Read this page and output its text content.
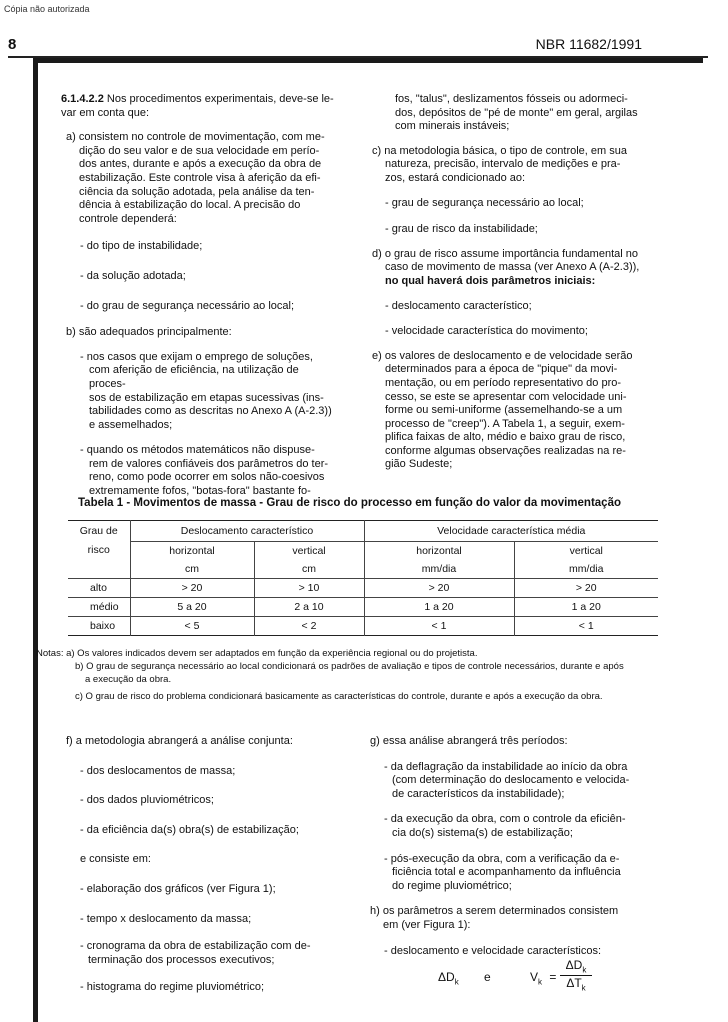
Cópia não autorizada
8	NBR 11682/1991

6.1.4.2.2 Nos procedimentos experimentais, deve-se le-

var em conta que:

a) consistem no controle de movimentação, com me-

dição do seu valor e de sua velocidade em perío-

dos antes, durante e após a execução da obra de

estabilização. Este controle visa à aferição da efi-

ciência da solução adotada, pela análise da ten-

dência à estabilização do local. A precisão do

controle dependerá:

- do tipo de instabilidade;

- da solução adotada;

- do grau de segurança necessário ao local;

b) são adequados principalmente:

- nos casos que exijam o emprego de soluções,

com aferição de eficiência, na utilização de proces-

sos de estabilização em etapas sucessivas (ins-

tabilidades como as descritas no Anexo A (A-2.3))

e assemelhados;

- quando os métodos matemáticos não dispuse-

rem de valores confiáveis dos parâmetros do ter-

reno, como pode ocorrer em solos não-coesivos

extremamente fofos, "botas-fora" bastante fo-

fos, "talus", deslizamentos fósseis ou adormeci-

dos, depósitos de "pé de monte" em geral, argilas

com minerais instáveis;

c) na metodologia básica, o tipo de controle, em sua

natureza, precisão, intervalo de medições e pra-

zos, estará condicionado ao:

- grau de segurança necessário ao local;

- grau de risco da instabilidade;

d) o grau de risco assume importância fundamental no

caso de movimento de massa (ver Anexo A (A-2.3)),

no qual haverá dois parâmetros iniciais:

- deslocamento característico;

- velocidade característica do movimento;

e) os valores de deslocamento e de velocidade serão

determinados para a época de "pique" da movi-

mentação, ou em período representativo do pro-

cesso, se este se apresentar com velocidade uni-

forme ou semi-uniforme (assemelhando-se a um

processo de "creep"). A Tabela 1, a seguir, exem-

plifica faixas de alto, médio e baixo grau de risco,

conforme algumas observações realizadas na re-

gião Sudeste;

Tabela 1 - Movimentos de massa - Grau de risco do processo em função do valor da movimentação
Grau de	Deslocamento característico		Velocidade característica média	
risco	horizontal	vertical	horizontal	vertical
	cm	cm	mm/dia	mm/dia
alto	> 20	> 10	> 20	> 20
médio	5 a 20	2 a 10	1 a 20	1 a 20
baixo	< 5	< 2	< 1	< 1
Notas: a) Os valores indicados devem ser adaptados em função da experiência regional ou do projetista.
b) O grau de segurança necessário ao local condicionará os padrões de avaliação e tipos de controle necessários, durante e após
a execução da obra.
c) O grau de risco do problema condicionará basicamente as características do controle, durante e após a execução da obra.

f) a metodologia abrangerá a análise conjunta:

- dos deslocamentos de massa;

- dos dados pluviométricos;

- da eficiência da(s) obra(s) de estabilização;

e consiste em:

- elaboração dos gráficos (ver Figura 1);

- tempo x deslocamento da massa;

- cronograma da obra de estabilização com de-

terminação dos processos executivos;

- histograma do regime pluviométrico;

g) essa análise abrangerá três períodos:

- da deflagração da instabilidade ao início da obra

(com determinação do deslocamento e velocida-

de característicos da instabilidade);

- da execução da obra, com o controle da eficiên-

cia do(s) sistema(s) de estabilização;

- pós-execução da obra, com a verificação da e-

ficiência total e acompanhamento da influência

do regime pluviométrico;

h) os parâmetros a serem determinados consistem

em (ver Figura 1):

- deslocamento e velocidade característicos:

$\Delta D_k$ e	$V_k$ =
$\Delta D_k$
$\Delta T_k$
